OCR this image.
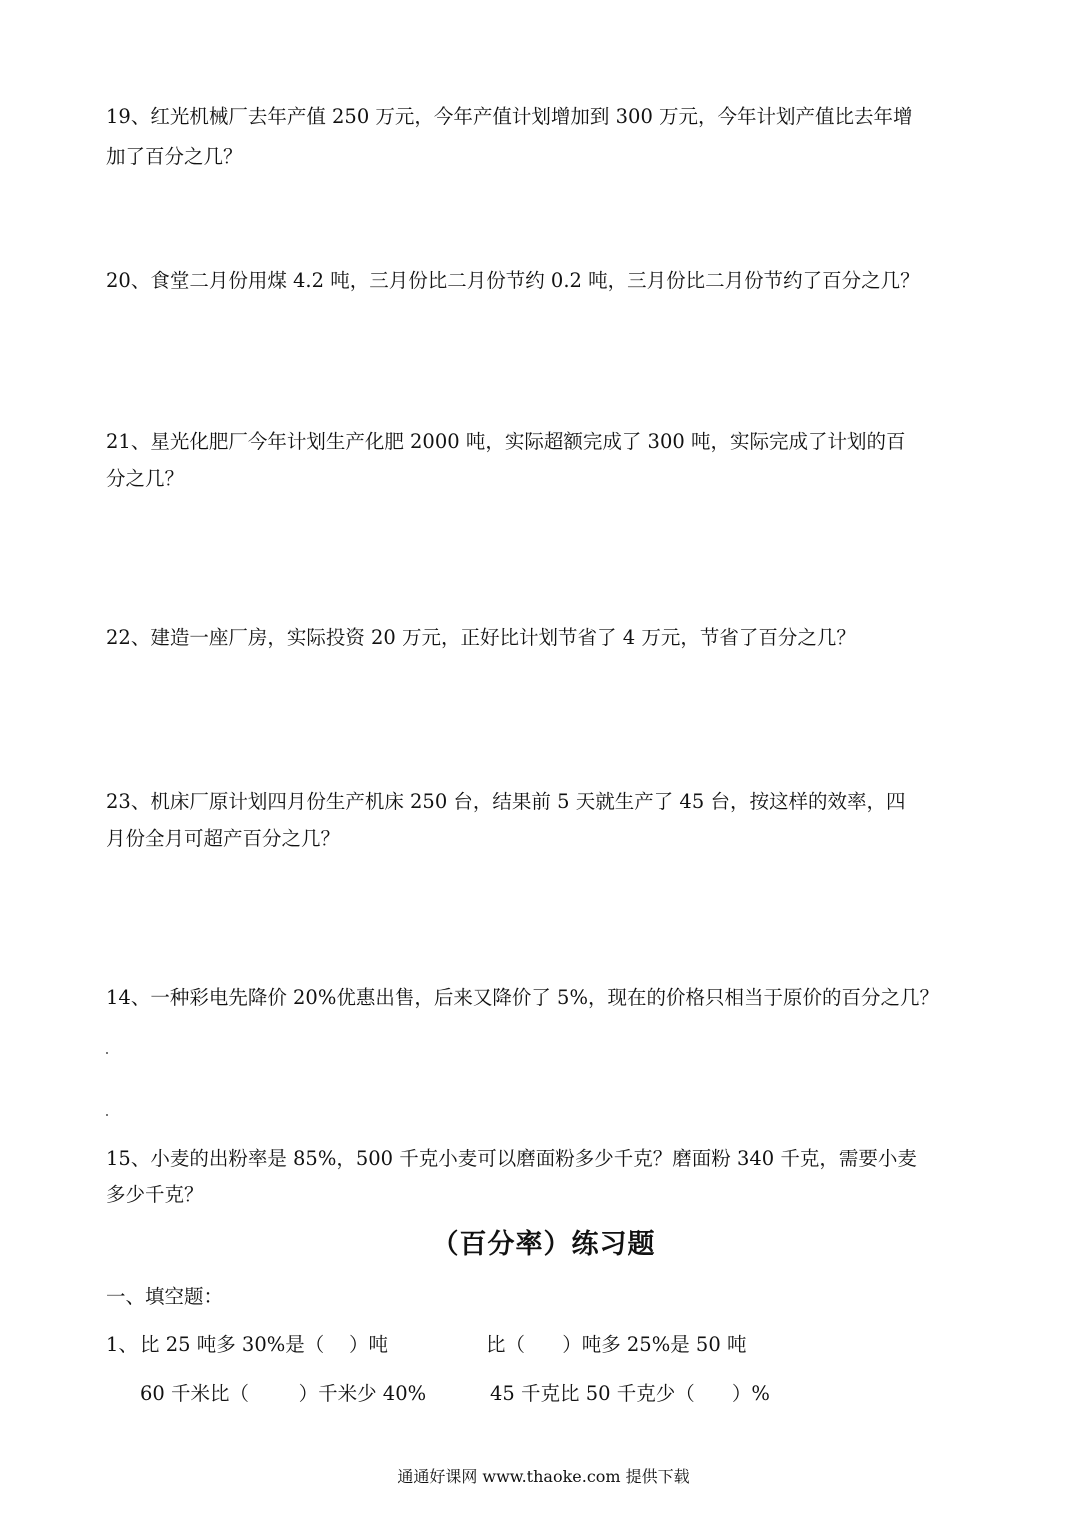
19、红光机械厂去年产值 250 万元，今年产值计划增加到 300 万元，今年计划产值比去年增

加了百分之几？

20、食堂二月份用煤 4.2 吨，三月份比二月份节约 0.2 吨，三月份比二月份节约了百分之几？

21、星光化肥厂今年计划生产化肥 2000 吨，实际超额完成了 300 吨，实际完成了计划的百

分之几？

22、建造一座厂房，实际投资 20 万元，正好比计划节省了 4 万元，节省了百分之几？

23、机床厂原计划四月份生产机床 250 台，结果前 5 天就生产了 45 台，按这样的效率，四

月份全月可超产百分之几？

14、一种彩电先降价 20%优惠出售，后来又降价了 5%，现在的价格只相当于原价的百分之几？

15、小麦的出粉率是 85%，500 千克小麦可以磨面粉多少千克？磨面粉 340 千克，需要小麦

多少千克？

（百分率）练习题

一、填空题：

1、 比 25 吨多 30%是（    ）吨	比（      ）吨多 25%是 50 吨

60 千米比（        ）千米少 40%	45 千克比 50 千克少（      ）%

通通好课网 www.thaoke.com 提供下载
